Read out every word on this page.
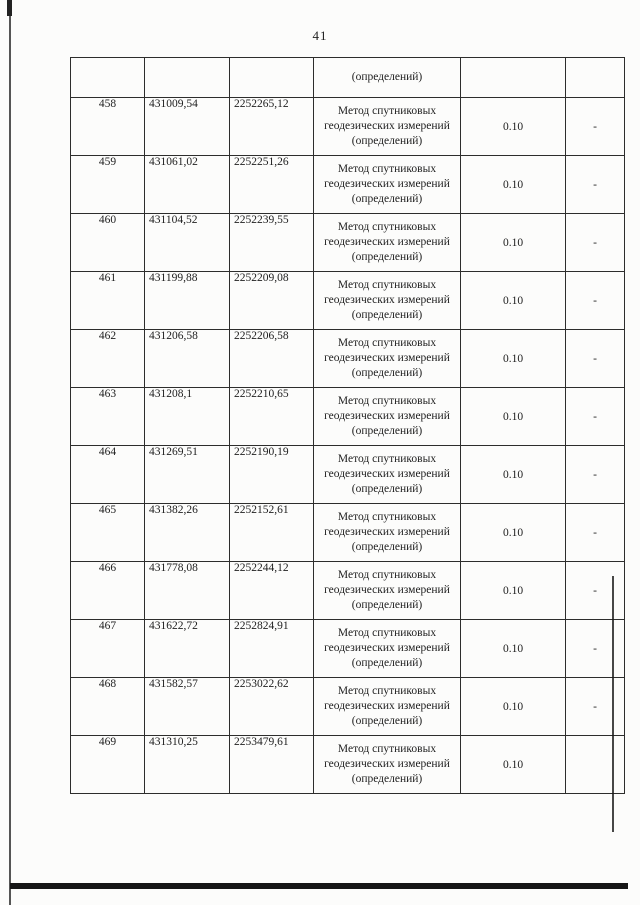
41
			(определений)		
458	431009,54	2252265,12	Метод спутниковых геодезических измерений (определений)	0.10	-
459	431061,02	2252251,26	Метод спутниковых геодезических измерений (определений)	0.10	-
460	431104,52	2252239,55	Метод спутниковых геодезических измерений (определений)	0.10	-
461	431199,88	2252209,08	Метод спутниковых геодезических измерений (определений)	0.10	-
462	431206,58	2252206,58	Метод спутниковых геодезических измерений (определений)	0.10	-
463	431208,1	2252210,65	Метод спутниковых геодезических измерений (определений)	0.10	-
464	431269,51	2252190,19	Метод спутниковых геодезических измерений (определений)	0.10	-
465	431382,26	2252152,61	Метод спутниковых геодезических измерений (определений)	0.10	-
466	431778,08	2252244,12	Метод спутниковых геодезических измерений (определений)	0.10	-
467	431622,72	2252824,91	Метод спутниковых геодезических измерений (определений)	0.10	-
468	431582,57	2253022,62	Метод спутниковых геодезических измерений (определений)	0.10	-
469	431310,25	2253479,61	Метод спутниковых геодезических измерений (определений)	0.10	
